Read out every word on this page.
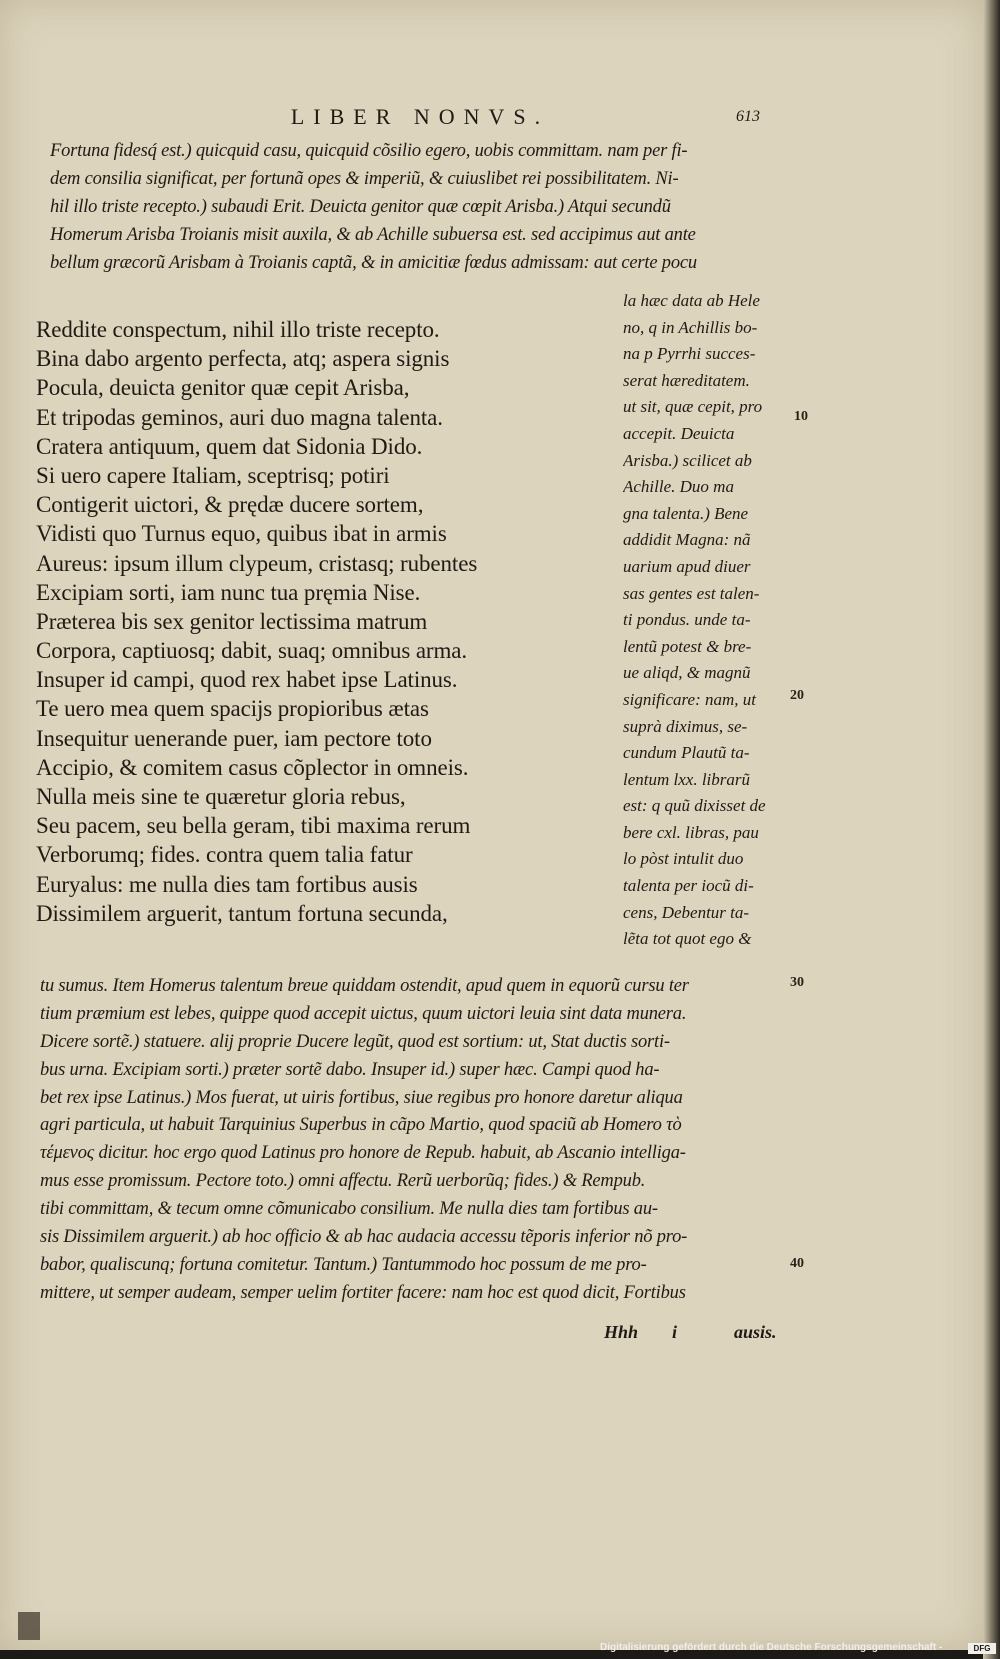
LIBER NONVS.	613
Fortuna fidesq́ est.) quicquid casu, quicquid cõsilio egero, uobis committam. nam per fi-
dem consilia significat, per fortunã opes & imperiũ, & cuiuslibet rei possibilitatem. Ni-
hil illo triste recepto.) subaudi Erit. Deuicta genitor quæ cœpit Arisba.) Atqui secundũ
Homerum Arisba Troianis misit auxila, & ab Achille subuersa est. sed accipimus aut ante
bellum græcorũ Arisbam à Troianis captã, & in amicitiæ fœdus admissam: aut certe pocu
Reddite conspectum, nihil illo triste recepto.
Bina dabo argento perfecta, atq; aspera signis
Pocula, deuicta genitor quæ cepit Arisba,
Et tripodas geminos, auri duo magna talenta.
Cratera antiquum, quem dat Sidonia Dido.
Si uero capere Italiam, sceptrisq; potiri
Contigerit uictori, & prędæ ducere sortem,
Vidisti quo Turnus equo, quibus ibat in armis
Aureus: ipsum illum clypeum, cristasq; rubentes
Excipiam sorti, iam nunc tua pręmia Nise.
Præterea bis sex genitor lectissima matrum
Corpora, captiuosq; dabit, suaq; omnibus arma.
Insuper id campi, quod rex habet ipse Latinus.
Te uero mea quem spacijs propioribus ætas
Insequitur uenerande puer, iam pectore toto
Accipio, & comitem casus cõplector in omneis.
Nulla meis sine te quæretur gloria rebus,
Seu pacem, seu bella geram, tibi maxima rerum
Verborumq; fides. contra quem talia fatur
Euryalus: me nulla dies tam fortibus ausis
Dissimilem arguerit, tantum fortuna secunda,
la hæc data ab Hele
no, q in Achillis bo-
na p Pyrrhi succes-
serat hæreditatem.
ut sit, quæ cepit, pro
accepit. Deuicta
Arisba.) scilicet ab
Achille. Duo ma
gna talenta.) Bene
addidit Magna: nã
uarium apud diuer
sas gentes est talen-
ti pondus. unde ta-
lentũ potest & bre-
ue aliqd, & magnũ
significare: nam, ut
suprà diximus, se-
cundum Plautũ ta-
lentum lxx. librarũ
est: q quũ dixisset de
bere cxl. libras, pau
lo pòst intulit duo
talenta per iocũ di-
cens, Debentur ta-
lẽta tot quot ego &
10
20
30
40
tu sumus. Item Homerus talentum breue quiddam ostendit, apud quem in equorũ cursu ter
tium præmium est lebes, quippe quod accepit uictus, quum uictori leuia sint data munera.
Dicere sortẽ.) statuere. alij proprie Ducere legũt, quod est sortium: ut, Stat ductis sorti-
bus urna. Excipiam sorti.) præter sortẽ dabo. Insuper id.) super hæc. Campi quod ha-
bet rex ipse Latinus.) Mos fuerat, ut uiris fortibus, siue regibus pro honore daretur aliqua
agri particula, ut habuit Tarquinius Superbus in cãpo Martio, quod spaciũ ab Homero τὸ
τέμενος dicitur. hoc ergo quod Latinus pro honore de Repub. habuit, ab Ascanio intelliga-
mus esse promissum. Pectore toto.) omni affectu. Rerũ uerborũq; fides.) & Rempub.
tibi committam, & tecum omne cõmunicabo consilium. Me nulla dies tam fortibus au-
sis Dissimilem arguerit.) ab hoc officio & ab hac audacia accessu tẽporis inferior nõ pro-
babor, qualiscunq; fortuna comitetur. Tantum.) Tantummodo hoc possum de me pro-
mittere, ut semper audeam, semper uelim fortiter facere: nam hoc est quod dicit, Fortibus
Hhh i	ausis.
Digitalisierung gefördert durch die Deutsche Forschungsgemeinschaft -	DFG
